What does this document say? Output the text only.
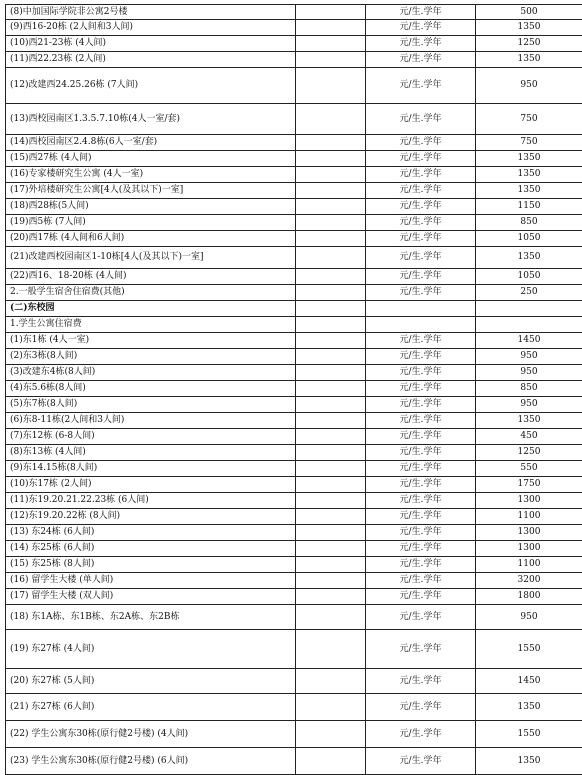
(8)中加国际学院非公寓2号楼		元/生.学年	500
(9)西16-20栋 (2人间和3人间)		元/生.学年	1350
(10)西21-23栋 (4人间)		元/生.学年	1250
(11)西22.23栋 (2人间)		元/生.学年	1350
(12)改建西24.25.26栋 (7人间)		元/生.学年	950
(13)西校园南区1.3.5.7.10栋(4人一室/套)		元/生.学年	750
(14)西校园南区2.4.8栋(6人一室/套)		元/生.学年	750
(15)西27栋 (4人间)		元/生.学年	1350
(16)专家楼研究生公寓 (4人一室)		元/生.学年	1350
(17)外培楼研究生公寓[4人(及其以下)一室]		元/生.学年	1350
(18)西28栋(5人间)		元/生.学年	1150
(19)西5栋 (7人间)		元/生.学年	850
(20)西17栋 (4人间和6人间)		元/生.学年	1050
(21)改建西校园南区1-10栋[4人(及其以下)一室]		元/生.学年	1350
(22)西16、18-20栋 (4人间)		元/生.学年	1050
2.一般学生宿舍住宿费(其他)		元/生.学年	250
(二)东校园			
1.学生公寓住宿费			
(1)东1栋 (4人一室)		元/生.学年	1450
(2)东3栋(8人间)		元/生.学年	950
(3)改建东4栋(8人间)		元/生.学年	950
(4)东5.6栋(8人间)		元/生.学年	850
(5)东7栋(8人间)		元/生.学年	950
(6)东8-11栋(2人间和3人间)		元/生.学年	1350
(7)东12栋 (6-8人间)		元/生.学年	450
(8)东13栋 (4人间)		元/生.学年	1250
(9)东14.15栋(8人间)		元/生.学年	550
(10)东17栋 (2人间)		元/生.学年	1750
(11)东19.20.21.22.23栋 (6人间)		元/生.学年	1300
(12)东19.20.22栋 (8人间)		元/生.学年	1100
(13) 东24栋 (6人间)		元/生.学年	1300
(14) 东25栋 (6人间)		元/生.学年	1300
(15) 东25栋 (8人间)		元/生.学年	1100
(16) 留学生大楼 (单人间)		元/生.学年	3200
(17) 留学生大楼 (双人间)		元/生.学年	1800
(18) 东1A栋、东1B栋、东2A栋、东2B栋		元/生.学年	950
(19) 东27栋 (4人间)		元/生.学年	1550
(20) 东27栋 (5人间)		元/生.学年	1450
(21) 东27栋 (6人间)		元/生.学年	1350
(22) 学生公寓东30栋(原行健2号楼) (4人间)		元/生.学年	1550
(23) 学生公寓东30栋(原行健2号楼) (6人间)		元/生.学年	1350
